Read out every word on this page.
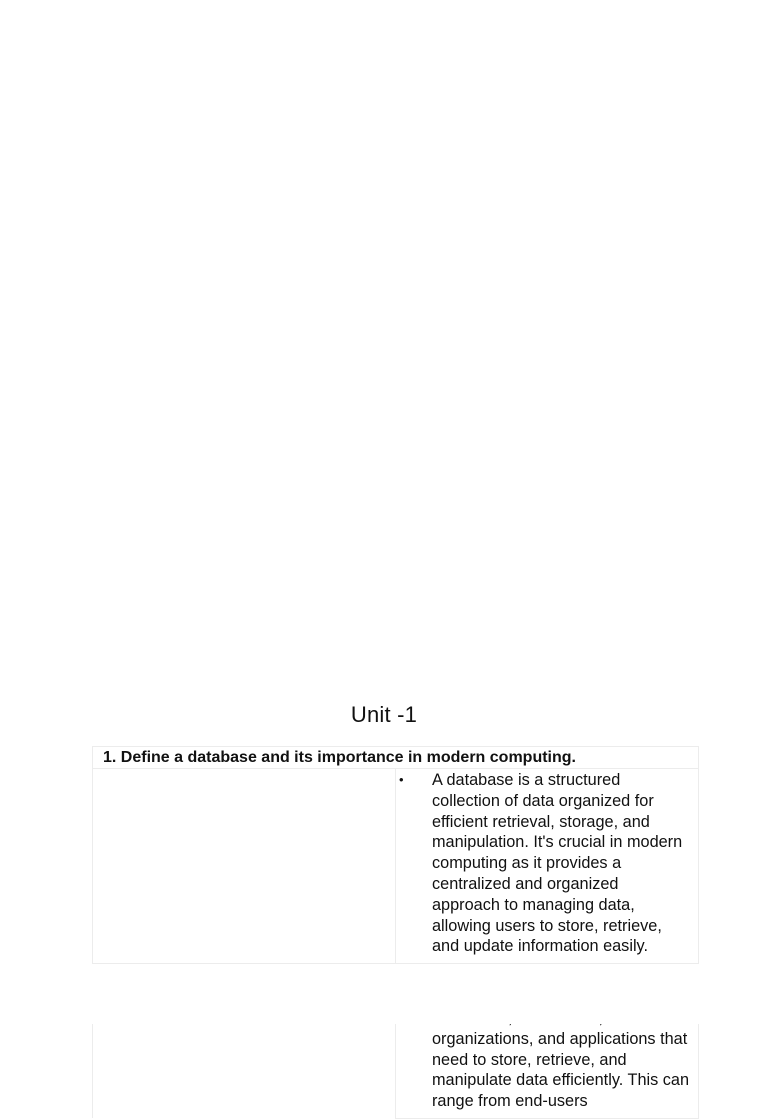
Unit -1
1. Define a database and its importance in modern computing.	

	• A database is a structured collection of data organized for efficient retrieval, storage, and manipulation. It's crucial in modern computing as it provides a centralized and organized approach to managing data, allowing users to store, retrieve, and update information easily.

	organizations, and applications that need to store, retrieve, and manipulate data efficiently. This can range from end-users
